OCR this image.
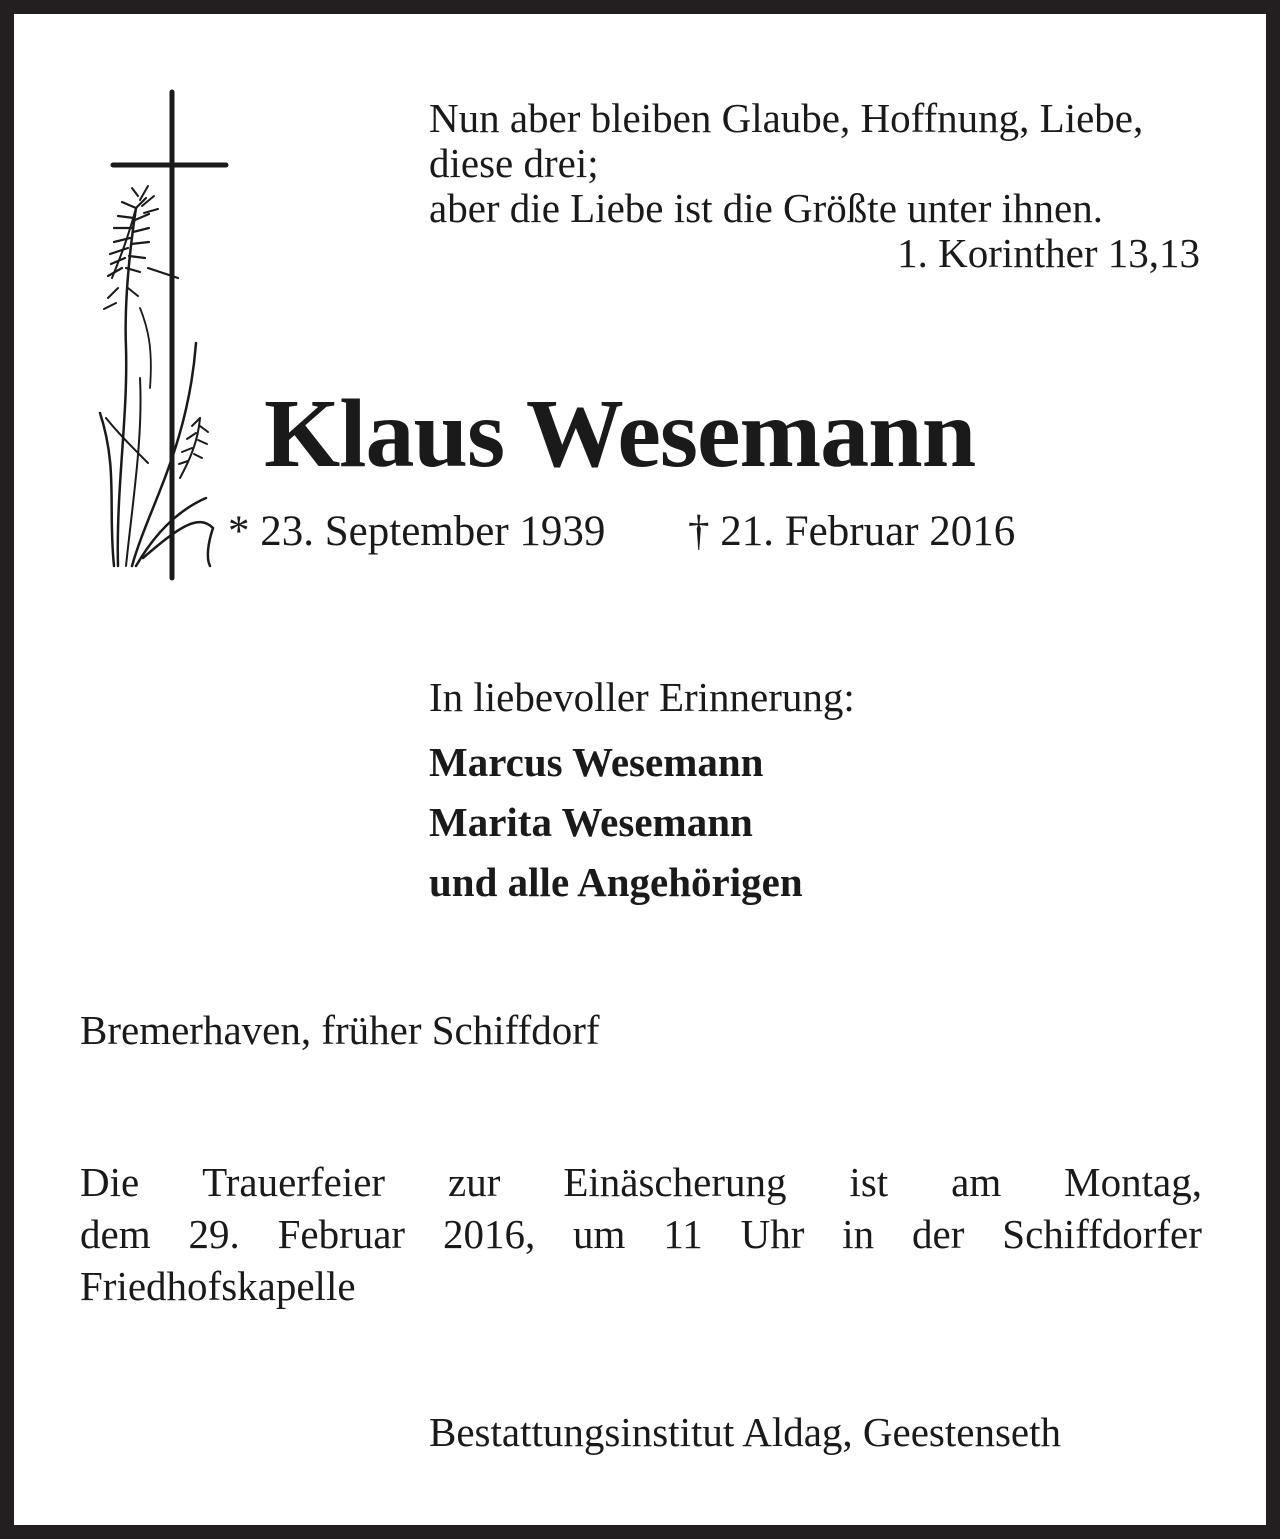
Nun aber bleiben Glaube, Hoffnung, Liebe,

diese drei;

aber die Liebe ist die Größte unter ihnen.

1. Korinther 13,13

Klaus Wesemann

* 23. September 1939 † 21. Februar 2016

In liebevoller Erinnerung:

Marcus Wesemann

Marita Wesemann

und alle Angehörigen

Bremerhaven, früher Schiffdorf

Die Trauerfeier zur Einäscherung ist am Montag,
dem 29. Februar 2016, um 11 Uhr in der Schiffdorfer
Friedhofskapelle

Bestattungsinstitut Aldag, Geestenseth
